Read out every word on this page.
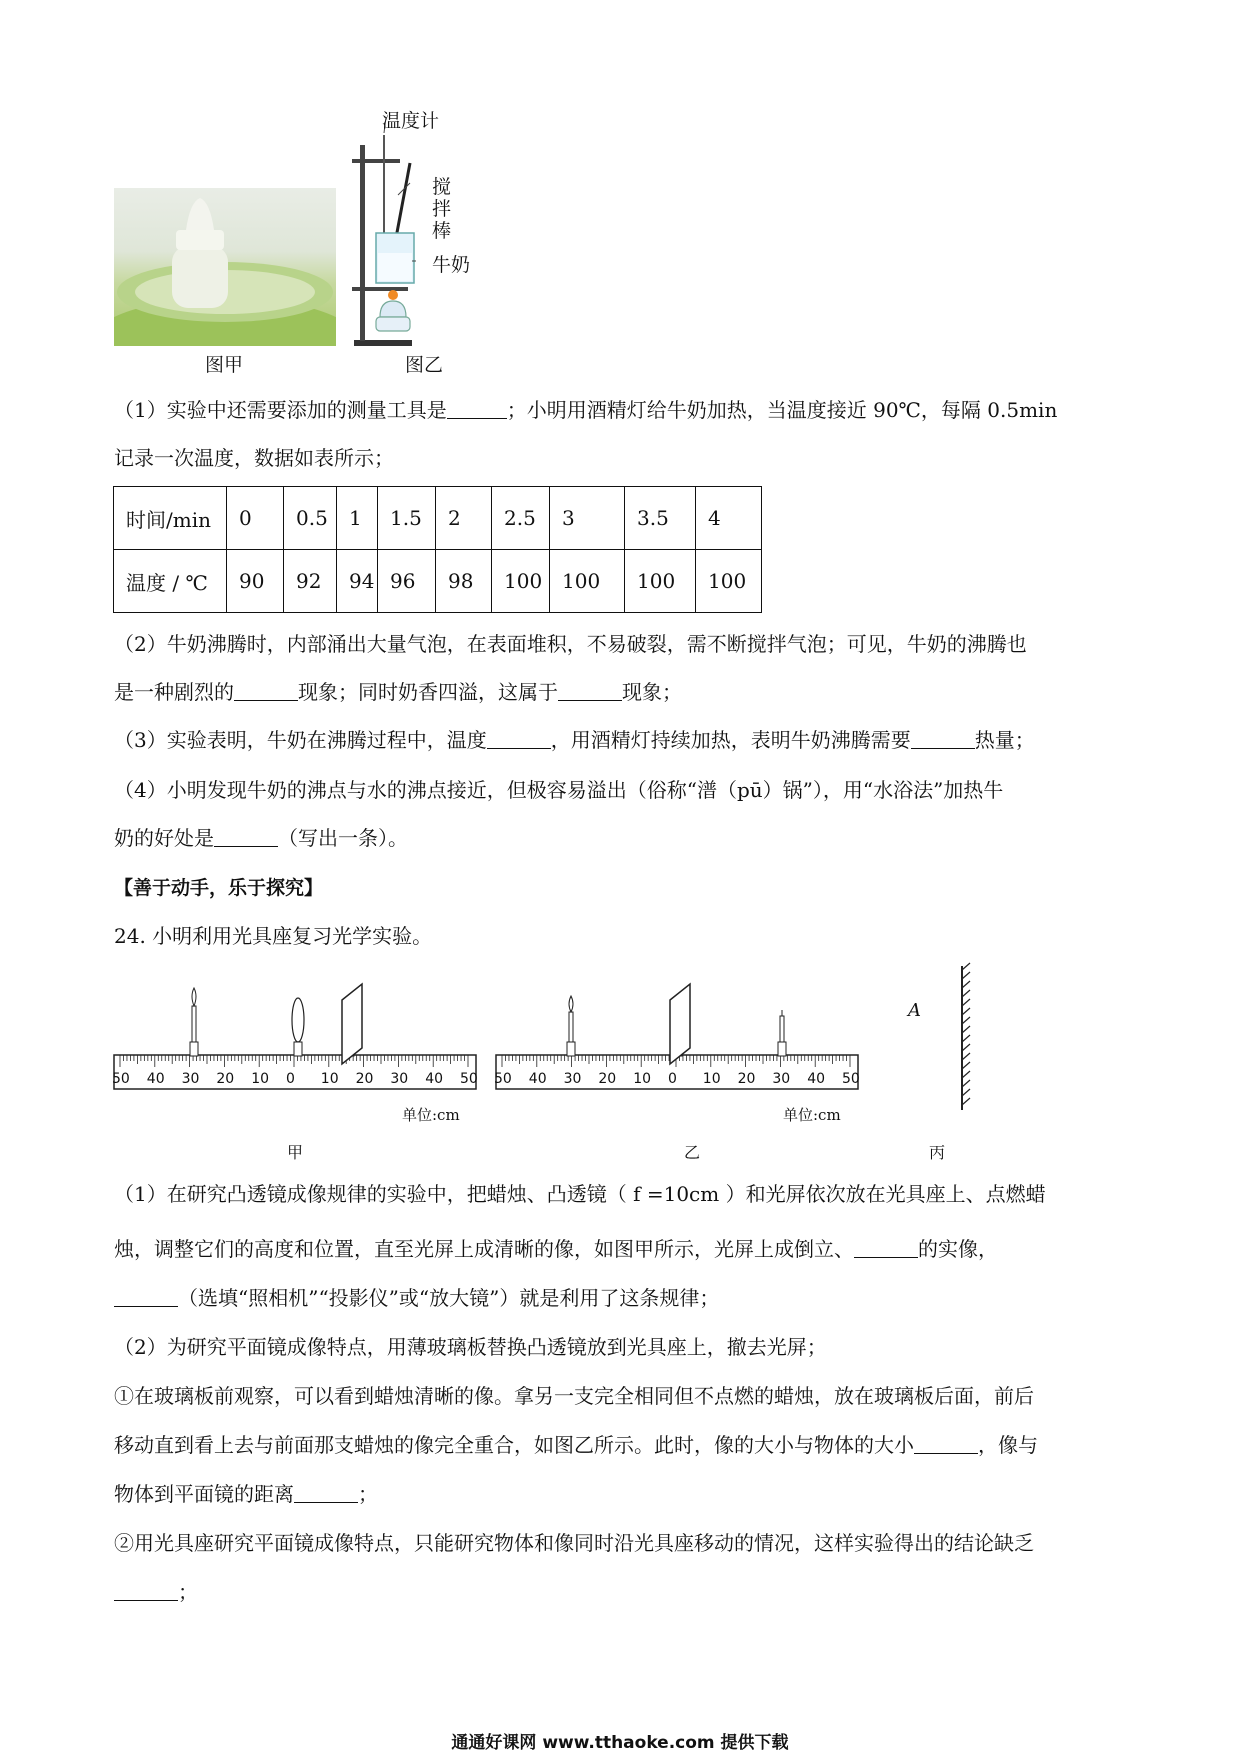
图甲
温度计
搅
拌
棒
牛奶
图乙
（1）实验中还需要添加的测量工具是	；小明用酒精灯给牛奶加热，当温度接近 90℃，每隔 0.5min
记录一次温度，数据如表所示；
时间/min	0	0.5	1	1.5	2	2.5	3	3.5	4
温度 / ℃	90	92	94	96	98	100	100	100	100
（2）牛奶沸腾时，内部涌出大量气泡，在表面堆积，不易破裂，需不断搅拌气泡；可见，牛奶的沸腾也
是一种剧烈的	现象；同时奶香四溢，这属于	现象；
（3）实验表明，牛奶在沸腾过程中，温度	，用酒精灯持续加热，表明牛奶沸腾需要	热量；
（4）小明发现牛奶的沸点与水的沸点接近，但极容易溢出（俗称“潽（pū）锅”），用“水浴法”加热牛
奶的好处是	（写出一条）。
【善于动手，乐于探究】
24. 小明利用光具座复习光学实验。
50 40 30 20 10 0 10 20 30 40 50
单位:cm
甲
50 40 30 20 10 0 10 20 30 40 50
单位:cm
乙
A
丙
（1）在研究凸透镜成像规律的实验中，把蜡烛、凸透镜（ f =10cm ）和光屏依次放在光具座上、点燃蜡
烛，调整它们的高度和位置，直至光屏上成清晰的像，如图甲所示，光屏上成倒立、	的实像，
（选填“照相机”“投影仪”或“放大镜”）就是利用了这条规律；
（2）为研究平面镜成像特点，用薄玻璃板替换凸透镜放到光具座上，撤去光屏；
①在玻璃板前观察，可以看到蜡烛清晰的像。拿另一支完全相同但不点燃的蜡烛，放在玻璃板后面，前后
移动直到看上去与前面那支蜡烛的像完全重合，如图乙所示。此时，像的大小与物体的大小	，像与
物体到平面镜的距离	；
②用光具座研究平面镜成像特点，只能研究物体和像同时沿光具座移动的情况，这样实验得出的结论缺乏
；
通通好课网 www.tthaoke.com 提供下载
